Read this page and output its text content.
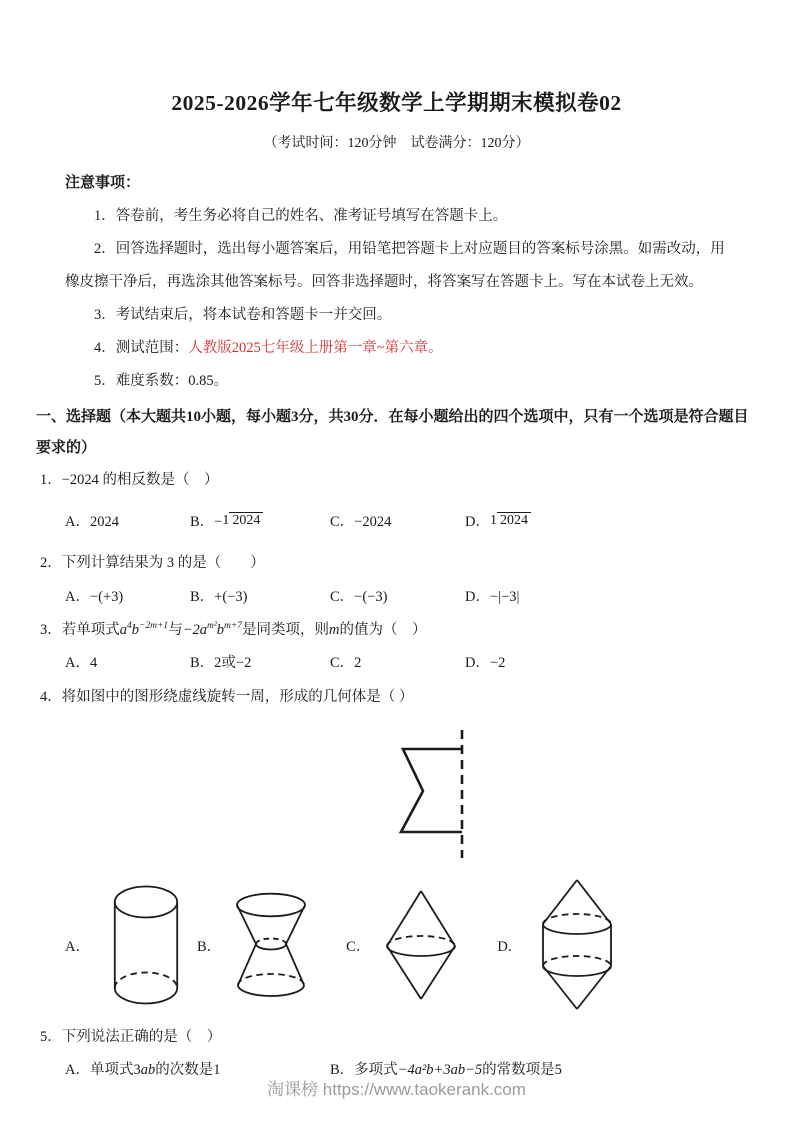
2025-2026学年七年级数学上学期期末模拟卷02
（考试时间：120分钟　试卷满分：120分）
注意事项：

1．答卷前，考生务必将自己的姓名、准考证号填写在答题卡上。

2．回答选择题时，选出每小题答案后，用铅笔把答题卡上对应题目的答案标号涂黑。如需改动，用橡皮擦干净后，再选涂其他答案标号。回答非选择题时，将答案写在答题卡上。写在本试卷上无效。

3．考试结束后，将本试卷和答题卡一并交回。

4．测试范围：人教版2025七年级上册第一章~第六章。

5．难度系数：0.85。

一、选择题（本大题共10小题，每小题3分，共30分．在每小题给出的四个选项中，只有一个选项是符合题目要求的）
1．−2024 的相反数是（　）
A．2024	B．−1 2024	C．−2024	D．1 2024
2．下列计算结果为 3 的是（　　）
A．−(+3)	B．+(−3)	C．−(−3)	D．−|−3|
3．若单项式$a^4b^{-2m+1}$与$-2a^{m^2}b^{m+7}$是同类项，则m的值为（　）
A．4	B．2或−2	C．2	D．−2
4．将如图中的图形绕虚线旋转一周，形成的几何体是（ ）
A．	B．	C．	D．
5．下列说法正确的是（　）
A．单项式3ab的次数是1	B．多项式−4a²b+3ab−5的常数项是5
淘课榜 https://www.taokerank.com
